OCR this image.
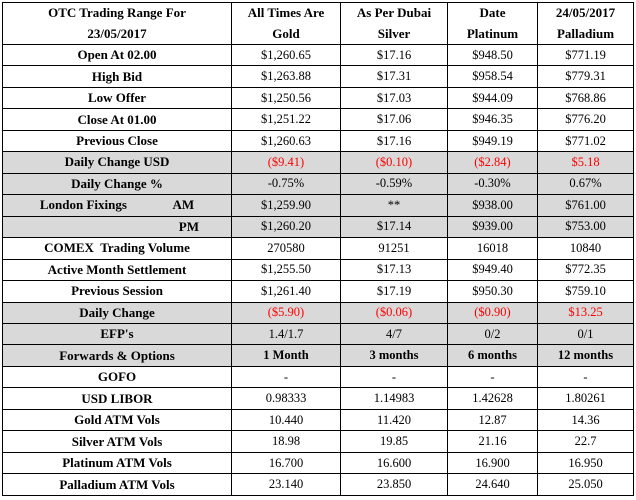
OTC Trading Range For	All Times Are	As Per Dubai	Date	24/05/2017
23/05/2017	Gold	Silver	Platinum	Palladium
Open At 02.00	$1,260.65	$17.16	$948.50	$771.19
High Bid	$1,263.88	$17.31	$958.54	$779.31
Low Offer	$1,250.56	$17.03	$944.09	$768.86
Close At 01.00	$1,251.22	$17.06	$946.35	$776.20
Previous Close	$1,260.63	$17.16	$949.19	$771.02
Daily Change USD	($9.41)	($0.10)	($2.84)	$5.18
Daily Change %	-0.75%	-0.59%	-0.30%	0.67%
London Fixings AM	$1,259.90	**	$938.00	$761.00
PM	$1,260.20	$17.14	$939.00	$753.00
COMEX  Trading Volume	270580	91251	16018	10840
Active Month Settlement	$1,255.50	$17.13	$949.40	$772.35
Previous Session	$1,261.40	$17.19	$950.30	$759.10
Daily Change	($5.90)	($0.06)	($0.90)	$13.25
EFP's	1.4/1.7	4/7	0/2	0/1
Forwards & Options	1 Month	3 months	6 months	12 months
GOFO	-	-	-	-
USD LIBOR	0.98333	1.14983	1.42628	1.80261
Gold ATM Vols	10.440	11.420	12.87	14.36
Silver ATM Vols	18.98	19.85	21.16	22.7
Platinum ATM Vols	16.700	16.600	16.900	16.950
Palladium ATM Vols	23.140	23.850	24.640	25.050
